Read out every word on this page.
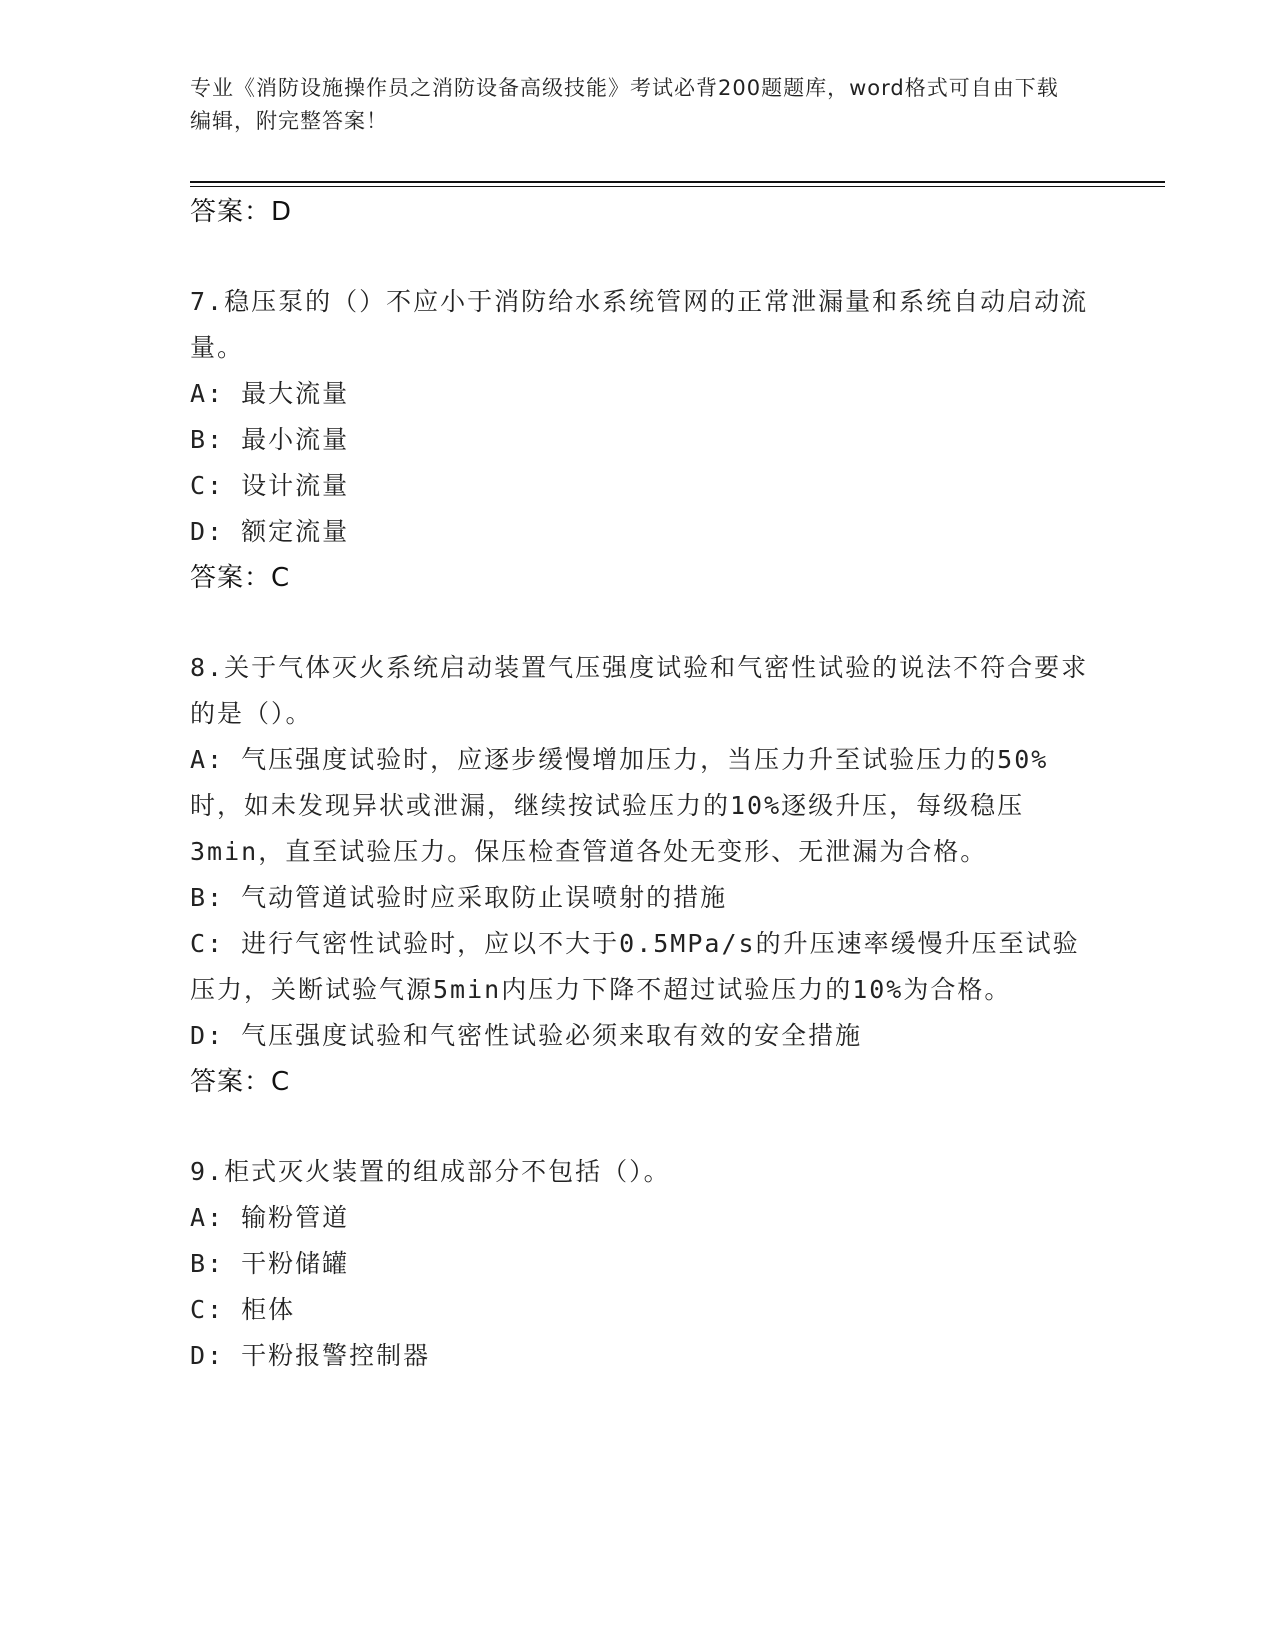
专业《消防设施操作员之消防设备高级技能》考试必背200题题库，word格式可自由下载编辑，附完整答案！

答案：D

7.稳压泵的（）不应小于消防给水系统管网的正常泄漏量和系统自动启动流量。

A: 最大流量

B: 最小流量

C: 设计流量

D: 额定流量

答案：C

8.关于气体灭火系统启动装置气压强度试验和气密性试验的说法不符合要求的是（）。

A: 气压强度试验时，应逐步缓慢增加压力，当压力升至试验压力的50%时，如未发现异状或泄漏，继续按试验压力的10%逐级升压，每级稳压3min，直至试验压力。保压检查管道各处无变形、无泄漏为合格。

B: 气动管道试验时应采取防止误喷射的措施

C: 进行气密性试验时，应以不大于0.5MPa/s的升压速率缓慢升压至试验压力，关断试验气源5min内压力下降不超过试验压力的10%为合格。

D: 气压强度试验和气密性试验必须来取有效的安全措施

答案：C

9.柜式灭火装置的组成部分不包括（）。

A: 输粉管道

B: 干粉储罐

C: 柜体

D: 干粉报警控制器
